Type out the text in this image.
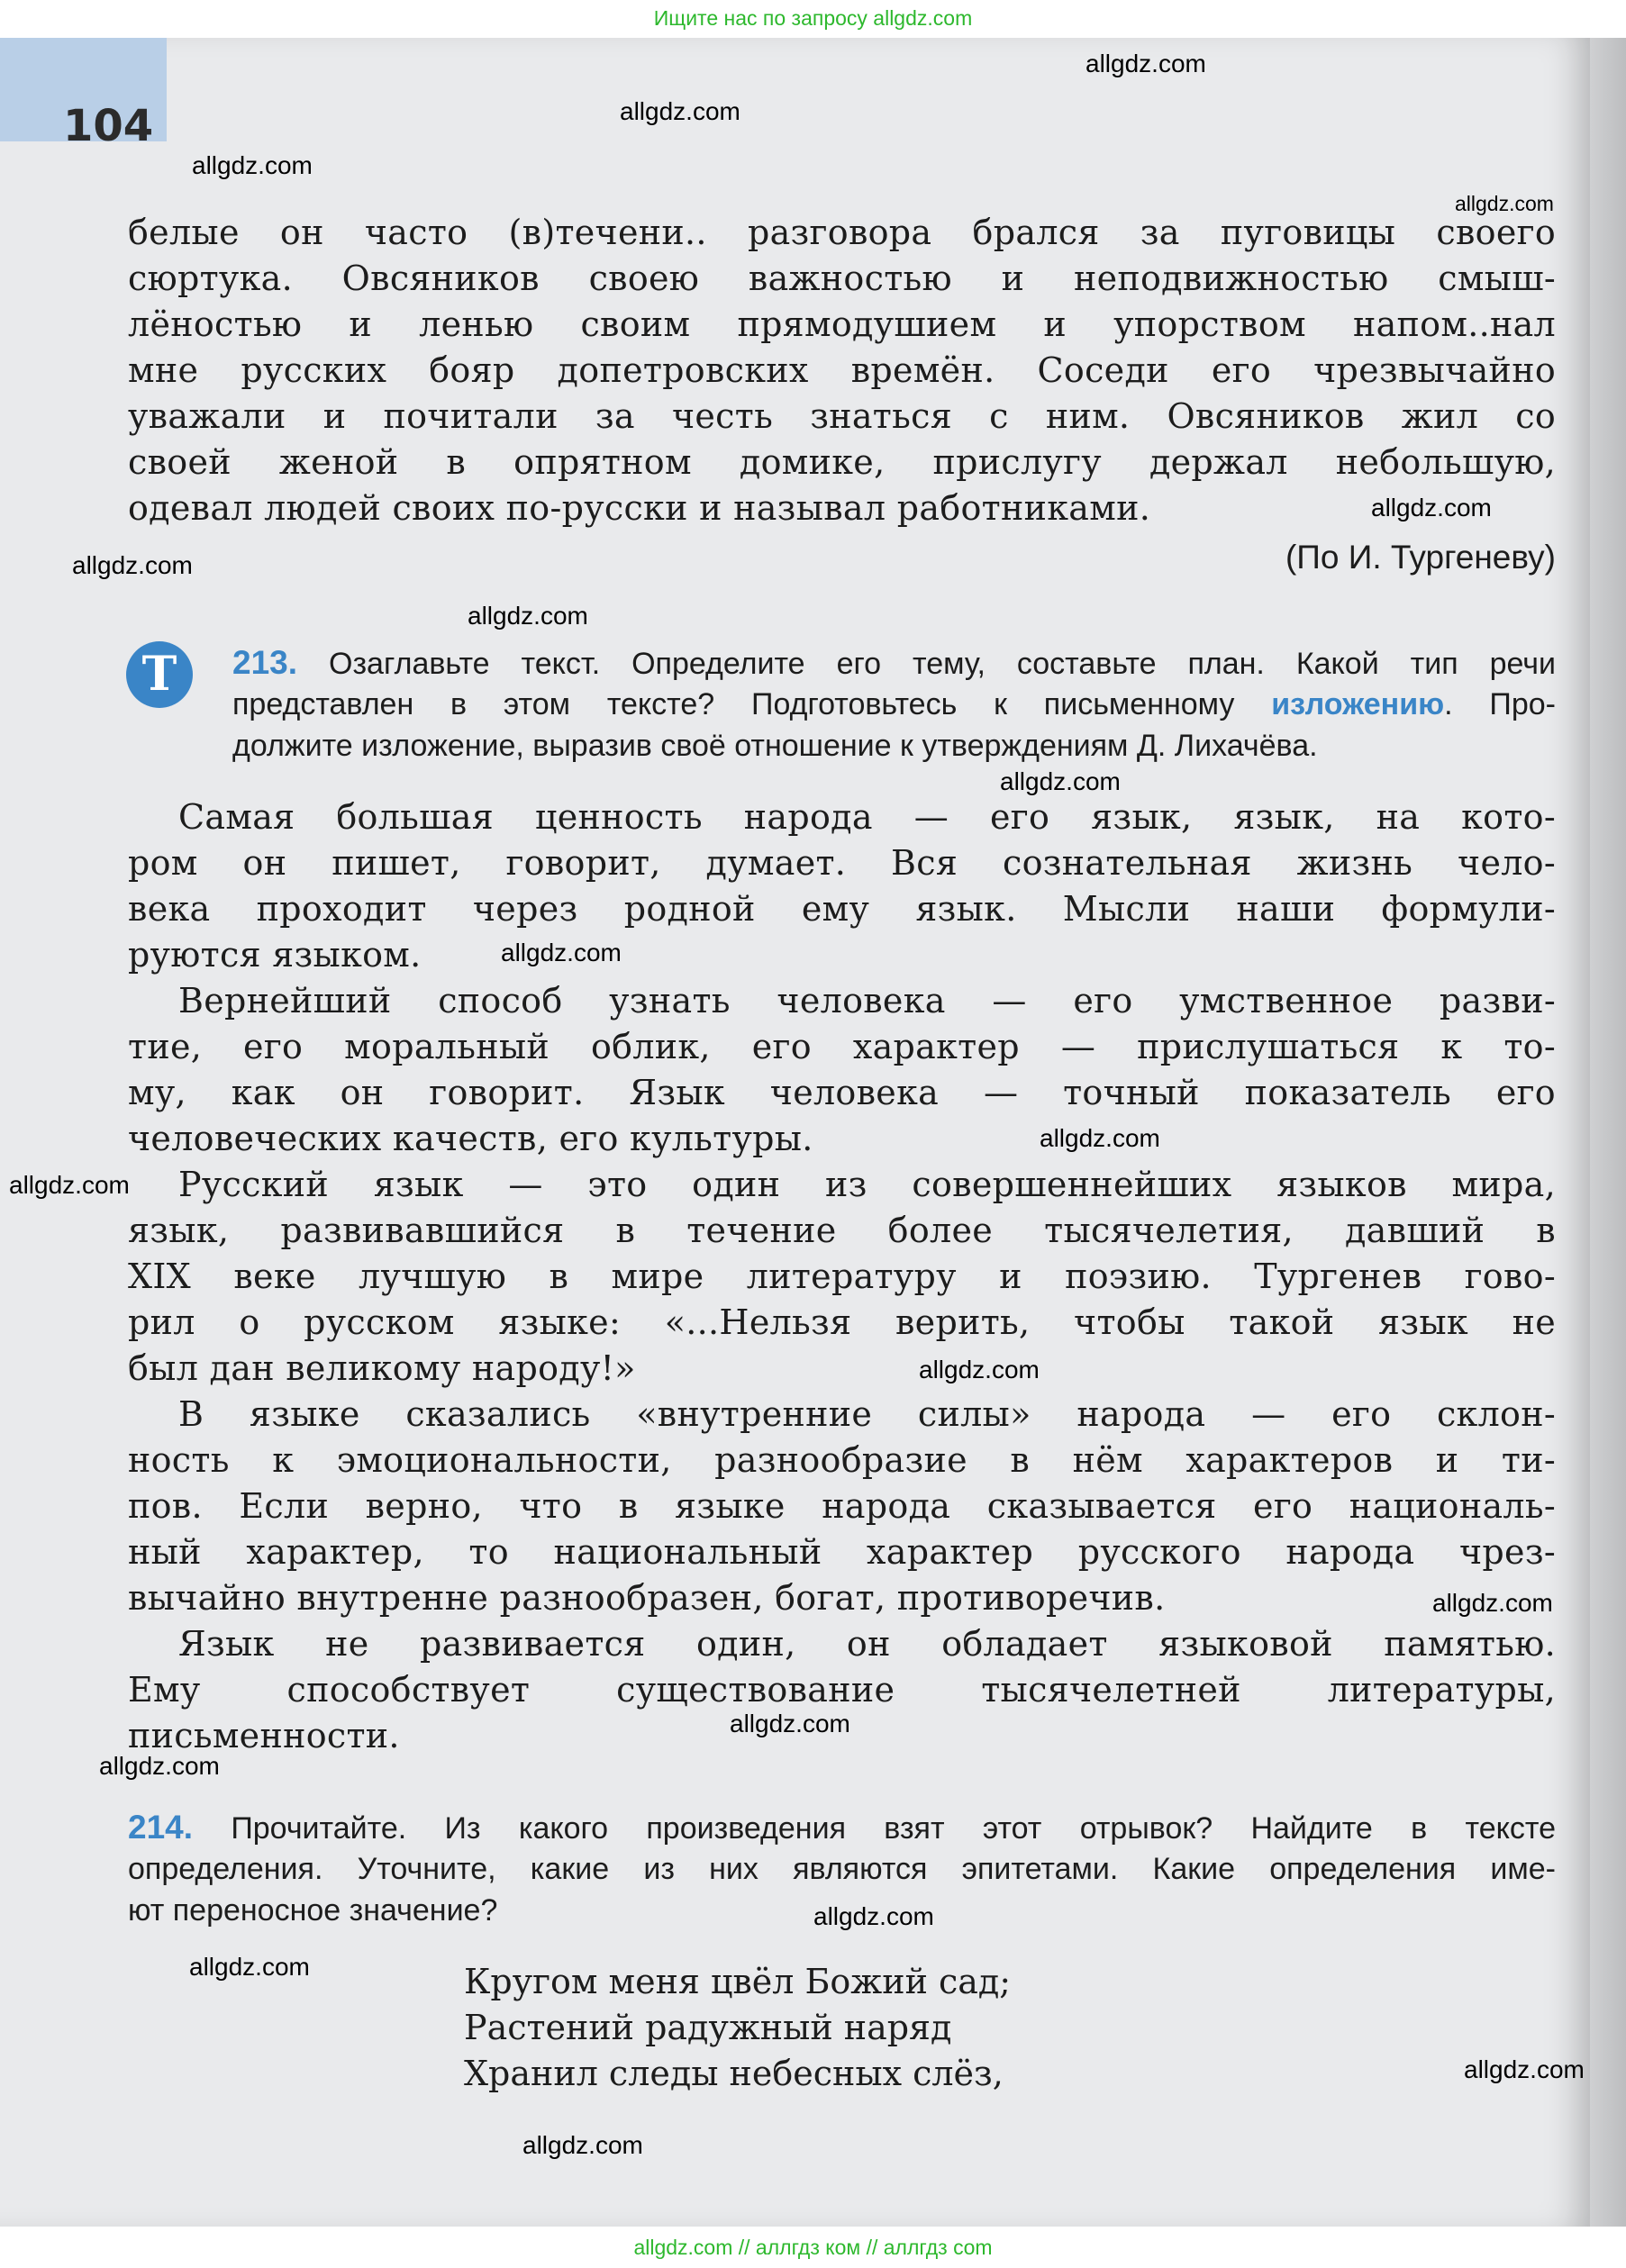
Ищите нас по запросу allgdz.com
104
белые он часто (в)течени.. разговора брался за пуговицы своего
сюртука. Овсяников своею важностью и неподвижностью смыш-
лёностью и ленью своим прямодушием и упорством напом..нал
мне русских бояр допетровских времён. Соседи его чрезвычайно
уважали и почитали за честь знаться с ним. Овсяников жил со
своей женой в опрятном домике, прислугу держал небольшую,
одевал людей своих по-русски и называл работниками.
(По И. Тургеневу)
Т	213. Озаглавьте текст. Определите его тему, составьте план. Какой тип речи
представлен в этом тексте? Подготовьтесь к письменному изложению. Про-
должите изложение, выразив своё отношение к утверждениям Д. Лихачёва.
Самая большая ценность народа — его язык, язык, на кото-
ром он пишет, говорит, думает. Вся сознательная жизнь чело-
века проходит через родной ему язык. Мысли наши формули-
руются языком.
Вернейший способ узнать человека — его умственное разви-
тие, его моральный облик, его характер — прислушаться к то-
му, как он говорит. Язык человека — точный показатель его
человеческих качеств, его культуры.
Русский язык — это один из совершеннейших языков мира,
язык, развивавшийся в течение более тысячелетия, давший в
XIX веке лучшую в мире литературу и поэзию. Тургенев гово-
рил о русском языке: «...Нельзя верить, чтобы такой язык не
был дан великому народу!»
В языке сказались «внутренние силы» народа — его склон-
ность к эмоциональности, разнообразие в нём характеров и ти-
пов. Если верно, что в языке народа сказывается его националь-
ный характер, то национальный характер русского народа чрез-
вычайно внутренне разнообразен, богат, противоречив.
Язык не развивается один, он обладает языковой памятью.
Ему способствует существование тысячелетней литературы,
письменности.
214. Прочитайте. Из какого произведения взят этот отрывок? Найдите в тексте
определения. Уточните, какие из них являются эпитетами. Какие определения име-
ют переносное значение?
Кругом меня цвёл Божий сад;
Растений радужный наряд
Хранил следы небесных слёз,
allgdz.com
allgdz.com
allgdz.com
allgdz.com
allgdz.com
allgdz.com
allgdz.com
allgdz.com
allgdz.com
allgdz.com
allgdz.com
allgdz.com
allgdz.com
allgdz.com
allgdz.com
allgdz.com
allgdz.com
allgdz.com
allgdz.com
allgdz.com // аллгдз ком // аллгдз com
